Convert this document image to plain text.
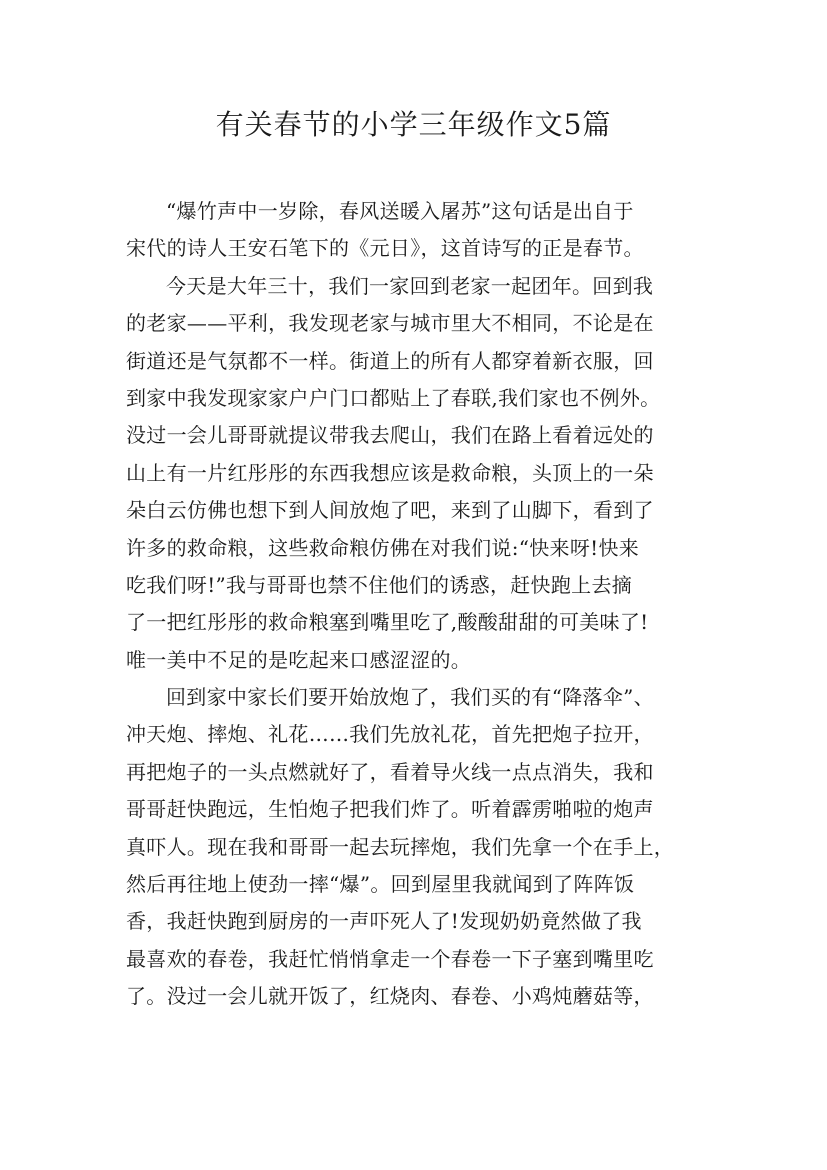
有关春节的小学三年级作文5篇
“爆竹声中一岁除，春风送暖入屠苏”这句话是出自于
宋代的诗人王安石笔下的《元日》，这首诗写的正是春节。
今天是大年三十，我们一家回到老家一起团年。回到我
的老家——平利，我发现老家与城市里大不相同，不论是在
街道还是气氛都不一样。街道上的所有人都穿着新衣服，回
到家中我发现家家户户门口都贴上了春联,我们家也不例外。
没过一会儿哥哥就提议带我去爬山，我们在路上看着远处的
山上有一片红彤彤的东西我想应该是救命粮，头顶上的一朵
朵白云仿佛也想下到人间放炮了吧，来到了山脚下，看到了
许多的救命粮，这些救命粮仿佛在对我们说:“快来呀!快来
吃我们呀!”我与哥哥也禁不住他们的诱惑，赶快跑上去摘
了一把红彤彤的救命粮塞到嘴里吃了,酸酸甜甜的可美味了!
唯一美中不足的是吃起来口感涩涩的。
回到家中家长们要开始放炮了，我们买的有“降落伞”、
冲天炮、摔炮、礼花……我们先放礼花，首先把炮子拉开，
再把炮子的一头点燃就好了，看着导火线一点点消失，我和
哥哥赶快跑远，生怕炮子把我们炸了。听着霹雳啪啦的炮声
真吓人。现在我和哥哥一起去玩摔炮，我们先拿一个在手上，
然后再往地上使劲一摔“爆”。回到屋里我就闻到了阵阵饭
香，我赶快跑到厨房的一声吓死人了!发现奶奶竟然做了我
最喜欢的春卷，我赶忙悄悄拿走一个春卷一下子塞到嘴里吃
了。没过一会儿就开饭了，红烧肉、春卷、小鸡炖蘑菇等，
